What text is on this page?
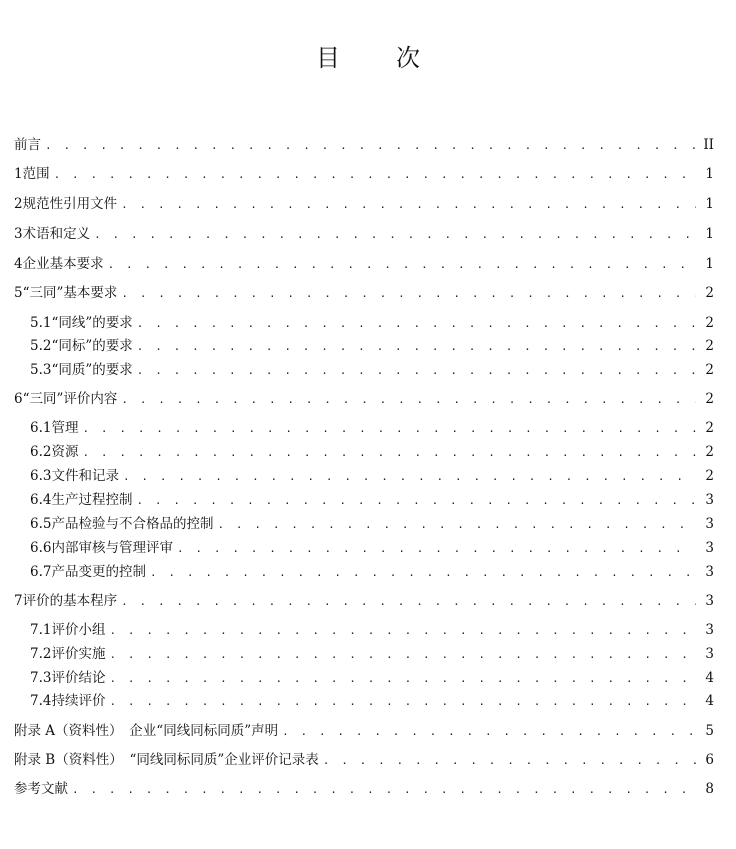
目 次
前言 . . .	II
1 范围 . . .	1
2 规范性引用文件 . . .	1
3 术语和定义 . . .	1
4 企业基本要求 . . .	1
5 “三同”基本要求 . . .	2
5.1 “同线”的要求 . . .	2
5.2 “同标”的要求 . . .	2
5.3 “同质”的要求 . . .	2
6 “三同”评价内容 . . .	2
6.1 管理 . . .	2
6.2 资源 . . .	2
6.3 文件和记录 . . .	2
6.4 生产过程控制 . . .	3
6.5 产品检验与不合格品的控制 . . .	3
6.6 内部审核与管理评审 . . .	3
6.7 产品变更的控制 . . .	3
7 评价的基本程序 . . .	3
7.1 评价小组 . . .	3
7.2 评价实施 . . .	3
7.3 评价结论 . . .	4
7.4 持续评价 . . .	4
附录 A（资料性）　企业“同线同标同质”声明 . . .	5
附录 B（资料性）　“同线同标同质”企业评价记录表 . . .	6
参考文献 . . .	8
